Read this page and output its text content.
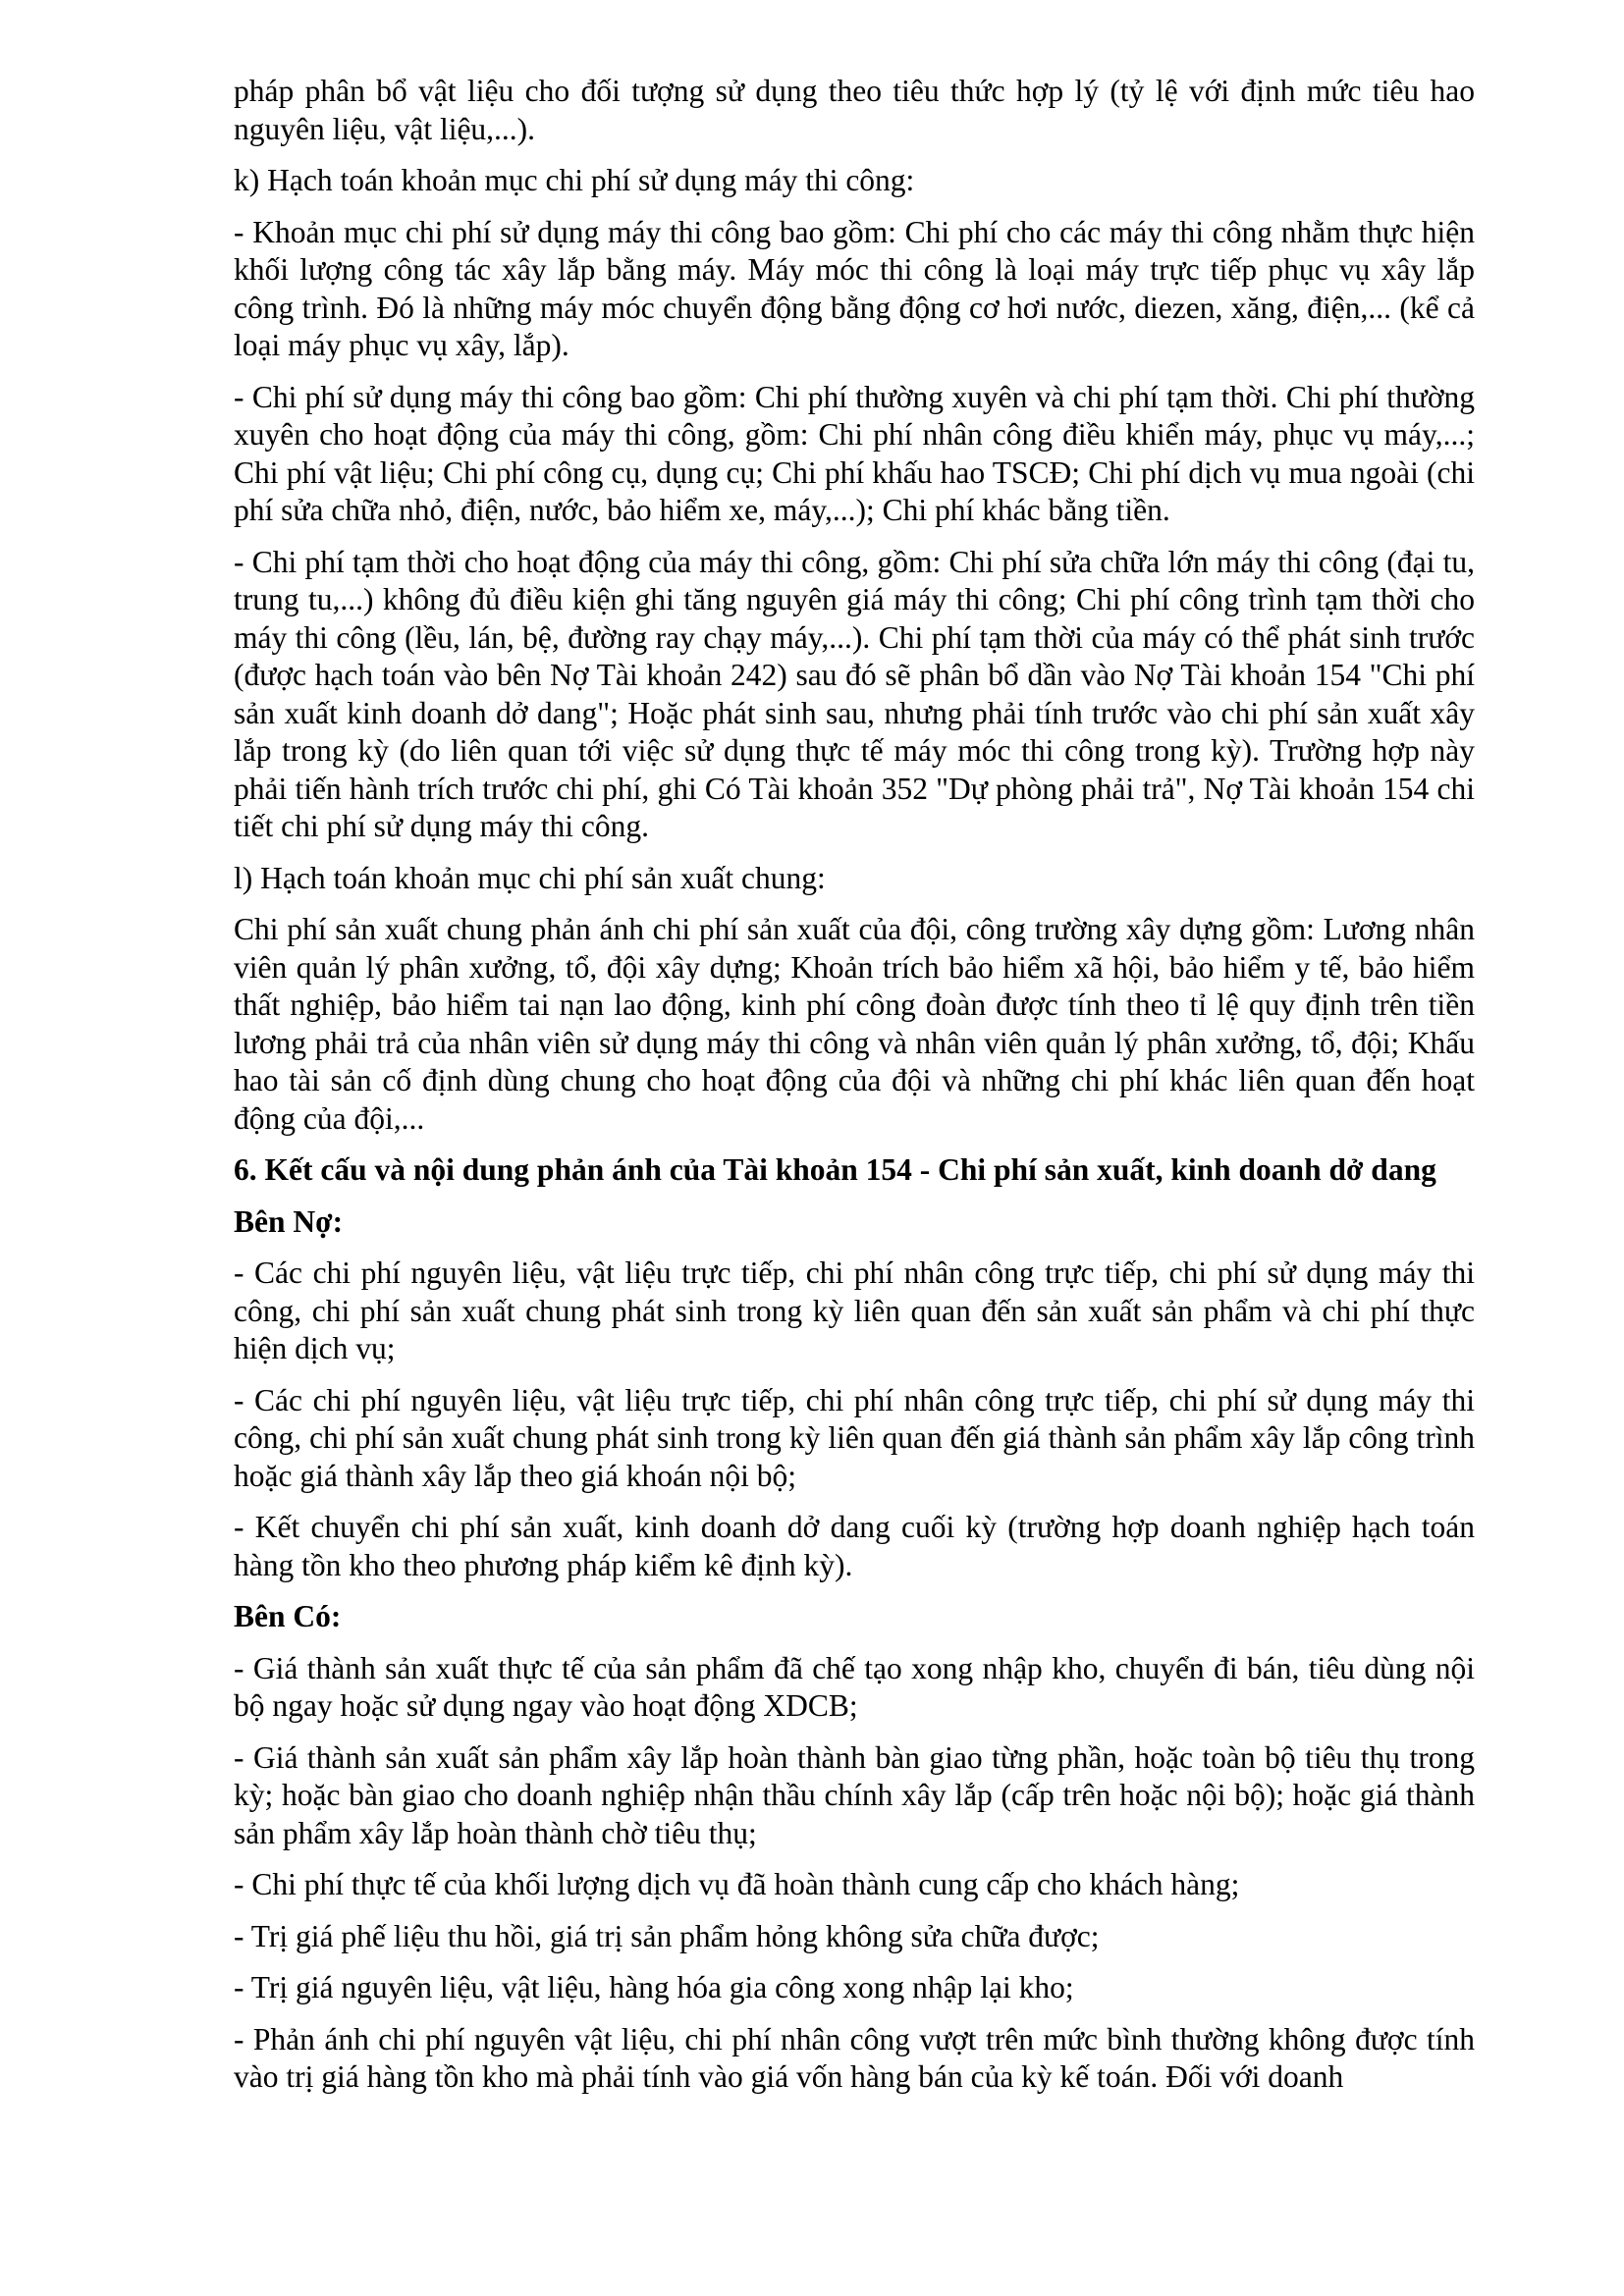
pháp phân bổ vật liệu cho đối tượng sử dụng theo tiêu thức hợp lý (tỷ lệ với định mức tiêu hao nguyên liệu, vật liệu,...).

k) Hạch toán khoản mục chi phí sử dụng máy thi công:

- Khoản mục chi phí sử dụng máy thi công bao gồm: Chi phí cho các máy thi công nhằm thực hiện khối lượng công tác xây lắp bằng máy. Máy móc thi công là loại máy trực tiếp phục vụ xây lắp công trình. Đó là những máy móc chuyển động bằng động cơ hơi nước, diezen, xăng, điện,... (kể cả loại máy phục vụ xây, lắp).

- Chi phí sử dụng máy thi công bao gồm: Chi phí thường xuyên và chi phí tạm thời. Chi phí thường xuyên cho hoạt động của máy thi công, gồm: Chi phí nhân công điều khiển máy, phục vụ máy,...; Chi phí vật liệu; Chi phí công cụ, dụng cụ; Chi phí khấu hao TSCĐ; Chi phí dịch vụ mua ngoài (chi phí sửa chữa nhỏ, điện, nước, bảo hiểm xe, máy,...); Chi phí khác bằng tiền.

- Chi phí tạm thời cho hoạt động của máy thi công, gồm: Chi phí sửa chữa lớn máy thi công (đại tu, trung tu,...) không đủ điều kiện ghi tăng nguyên giá máy thi công; Chi phí công trình tạm thời cho máy thi công (lều, lán, bệ, đường ray chạy máy,...). Chi phí tạm thời của máy có thể phát sinh trước (được hạch toán vào bên Nợ Tài khoản 242) sau đó sẽ phân bổ dần vào Nợ Tài khoản 154 "Chi phí sản xuất kinh doanh dở dang"; Hoặc phát sinh sau, nhưng phải tính trước vào chi phí sản xuất xây lắp trong kỳ (do liên quan tới việc sử dụng thực tế máy móc thi công trong kỳ). Trường hợp này phải tiến hành trích trước chi phí, ghi Có Tài khoản 352 "Dự phòng phải trả", Nợ Tài khoản 154 chi tiết chi phí sử dụng máy thi công.

l) Hạch toán khoản mục chi phí sản xuất chung:

Chi phí sản xuất chung phản ánh chi phí sản xuất của đội, công trường xây dựng gồm: Lương nhân viên quản lý phân xưởng, tổ, đội xây dựng; Khoản trích bảo hiểm xã hội, bảo hiểm y tế, bảo hiểm thất nghiệp, bảo hiểm tai nạn lao động, kinh phí công đoàn được tính theo tỉ lệ quy định trên tiền lương phải trả của nhân viên sử dụng máy thi công và nhân viên quản lý phân xưởng, tổ, đội; Khấu hao tài sản cố định dùng chung cho hoạt động của đội và những chi phí khác liên quan đến hoạt động của đội,...

6. Kết cấu và nội dung phản ánh của Tài khoản 154 - Chi phí sản xuất, kinh doanh dở dang

Bên Nợ:

- Các chi phí nguyên liệu, vật liệu trực tiếp, chi phí nhân công trực tiếp, chi phí sử dụng máy thi công, chi phí sản xuất chung phát sinh trong kỳ liên quan đến sản xuất sản phẩm và chi phí thực hiện dịch vụ;

- Các chi phí nguyên liệu, vật liệu trực tiếp, chi phí nhân công trực tiếp, chi phí sử dụng máy thi công, chi phí sản xuất chung phát sinh trong kỳ liên quan đến giá thành sản phẩm xây lắp công trình hoặc giá thành xây lắp theo giá khoán nội bộ;

- Kết chuyển chi phí sản xuất, kinh doanh dở dang cuối kỳ (trường hợp doanh nghiệp hạch toán hàng tồn kho theo phương pháp kiểm kê định kỳ).

Bên Có:

- Giá thành sản xuất thực tế của sản phẩm đã chế tạo xong nhập kho, chuyển đi bán, tiêu dùng nội bộ ngay hoặc sử dụng ngay vào hoạt động XDCB;

- Giá thành sản xuất sản phẩm xây lắp hoàn thành bàn giao từng phần, hoặc toàn bộ tiêu thụ trong kỳ; hoặc bàn giao cho doanh nghiệp nhận thầu chính xây lắp (cấp trên hoặc nội bộ); hoặc giá thành sản phẩm xây lắp hoàn thành chờ tiêu thụ;

- Chi phí thực tế của khối lượng dịch vụ đã hoàn thành cung cấp cho khách hàng;

- Trị giá phế liệu thu hồi, giá trị sản phẩm hỏng không sửa chữa được;

- Trị giá nguyên liệu, vật liệu, hàng hóa gia công xong nhập lại kho;

- Phản ánh chi phí nguyên vật liệu, chi phí nhân công vượt trên mức bình thường không được tính vào trị giá hàng tồn kho mà phải tính vào giá vốn hàng bán của kỳ kế toán. Đối với doanh
